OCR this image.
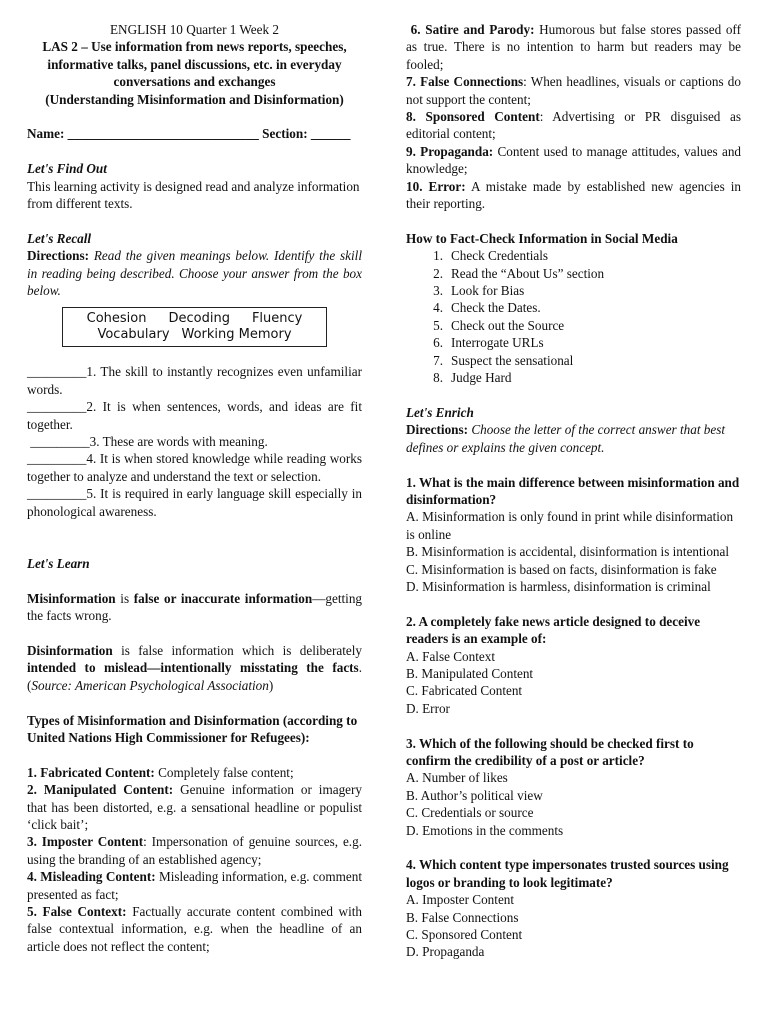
ENGLISH 10 Quarter 1 Week 2
LAS 2 – Use information from news reports, speeches,
informative talks, panel discussions, etc. in everyday
conversations and exchanges
(Understanding Misinformation and Disinformation)
Name: _____________________________ Section: ______
Let's Find Out
This learning activity is designed read and analyze information from different texts.
Let's Recall
Directions: Read the given meanings below. Identify the skill in reading being described. Choose your answer from the box below.
Cohesion Decoding Fluency
Vocabulary Working Memory
_________1. The skill to instantly recognizes even unfamiliar words.
_________2. It is when sentences, words, and ideas are fit together.
_________3. These are words with meaning.
_________4. It is when stored knowledge while reading works together to analyze and understand the text or selection.
_________5. It is required in early language skill especially in phonological awareness.
Let's Learn
Misinformation is false or inaccurate information—getting the facts wrong.
Disinformation is false information which is deliberately intended to mislead—intentionally misstating the facts. (Source: American Psychological Association)
Types of Misinformation and Disinformation (according to United Nations High Commissioner for Refugees):
1. Fabricated Content: Completely false content;
2. Manipulated Content: Genuine information or imagery that has been distorted, e.g. a sensational headline or populist ‘click bait’;
3. Imposter Content: Impersonation of genuine sources, e.g. using the branding of an established agency;
4. Misleading Content: Misleading information, e.g. comment presented as fact;
5. False Context: Factually accurate content combined with false contextual information, e.g. when the headline of an article does not reflect the content;
6. Satire and Parody: Humorous but false stores passed off as true. There is no intention to harm but readers may be fooled;
7. False Connections: When headlines, visuals or captions do not support the content;
8. Sponsored Content: Advertising or PR disguised as editorial content;
9. Propaganda: Content used to manage attitudes, values and knowledge;
10. Error: A mistake made by established new agencies in their reporting.
How to Fact-Check Information in Social Media
1. Check Credentials
2. Read the “About Us” section
3. Look for Bias
4. Check the Dates.
5. Check out the Source
6. Interrogate URLs
7. Suspect the sensational
8. Judge Hard
Let's Enrich
Directions: Choose the letter of the correct answer that best defines or explains the given concept.
1. What is the main difference between misinformation and disinformation?
A. Misinformation is only found in print while disinformation is online
B. Misinformation is accidental, disinformation is intentional
C. Misinformation is based on facts, disinformation is fake
D. Misinformation is harmless, disinformation is criminal
2. A completely fake news article designed to deceive readers is an example of:
A. False Context
B. Manipulated Content
C. Fabricated Content
D. Error
3. Which of the following should be checked first to confirm the credibility of a post or article?
A. Number of likes
B. Author’s political view
C. Credentials or source
D. Emotions in the comments
4. Which content type impersonates trusted sources using logos or branding to look legitimate?
A. Imposter Content
B. False Connections
C. Sponsored Content
D. Propaganda
